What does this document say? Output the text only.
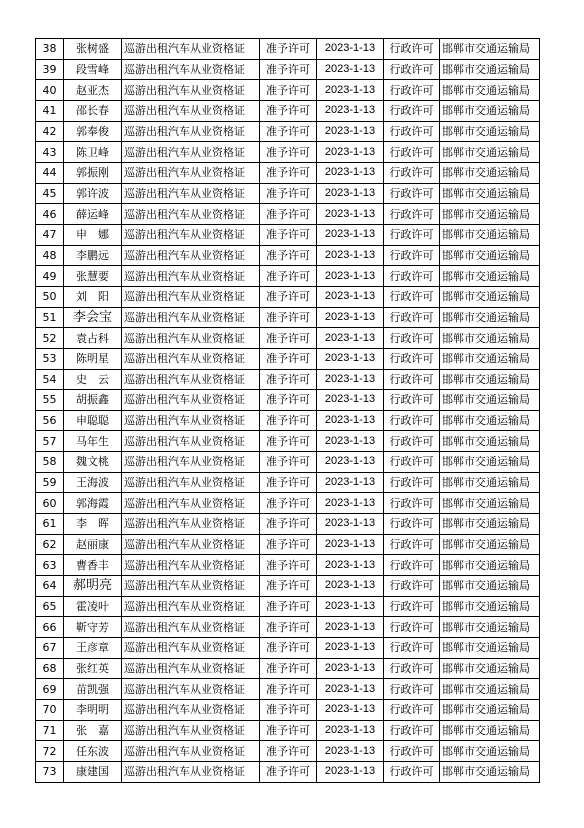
38	张树盛	巡游出租汽车从业资格证	准予许可	2023-1-13	行政许可	邯郸市交通运输局
39	段雪峰	巡游出租汽车从业资格证	准予许可	2023-1-13	行政许可	邯郸市交通运输局
40	赵亚杰	巡游出租汽车从业资格证	准予许可	2023-1-13	行政许可	邯郸市交通运输局
41	邵长春	巡游出租汽车从业资格证	准予许可	2023-1-13	行政许可	邯郸市交通运输局
42	郭奉俊	巡游出租汽车从业资格证	准予许可	2023-1-13	行政许可	邯郸市交通运输局
43	陈卫峰	巡游出租汽车从业资格证	准予许可	2023-1-13	行政许可	邯郸市交通运输局
44	郭振刚	巡游出租汽车从业资格证	准予许可	2023-1-13	行政许可	邯郸市交通运输局
45	郭许波	巡游出租汽车从业资格证	准予许可	2023-1-13	行政许可	邯郸市交通运输局
46	薛运峰	巡游出租汽车从业资格证	准予许可	2023-1-13	行政许可	邯郸市交通运输局
47	申　娜	巡游出租汽车从业资格证	准予许可	2023-1-13	行政许可	邯郸市交通运输局
48	李鹏远	巡游出租汽车从业资格证	准予许可	2023-1-13	行政许可	邯郸市交通运输局
49	张慧要	巡游出租汽车从业资格证	准予许可	2023-1-13	行政许可	邯郸市交通运输局
50	刘　阳	巡游出租汽车从业资格证	准予许可	2023-1-13	行政许可	邯郸市交通运输局
51	李会宝	巡游出租汽车从业资格证	准予许可	2023-1-13	行政许可	邯郸市交通运输局
52	袁占科	巡游出租汽车从业资格证	准予许可	2023-1-13	行政许可	邯郸市交通运输局
53	陈明星	巡游出租汽车从业资格证	准予许可	2023-1-13	行政许可	邯郸市交通运输局
54	史　云	巡游出租汽车从业资格证	准予许可	2023-1-13	行政许可	邯郸市交通运输局
55	胡振鑫	巡游出租汽车从业资格证	准予许可	2023-1-13	行政许可	邯郸市交通运输局
56	申聪聪	巡游出租汽车从业资格证	准予许可	2023-1-13	行政许可	邯郸市交通运输局
57	马年生	巡游出租汽车从业资格证	准予许可	2023-1-13	行政许可	邯郸市交通运输局
58	魏文桃	巡游出租汽车从业资格证	准予许可	2023-1-13	行政许可	邯郸市交通运输局
59	王海波	巡游出租汽车从业资格证	准予许可	2023-1-13	行政许可	邯郸市交通运输局
60	郭海霞	巡游出租汽车从业资格证	准予许可	2023-1-13	行政许可	邯郸市交通运输局
61	李　晖	巡游出租汽车从业资格证	准予许可	2023-1-13	行政许可	邯郸市交通运输局
62	赵丽康	巡游出租汽车从业资格证	准予许可	2023-1-13	行政许可	邯郸市交通运输局
63	曹香丰	巡游出租汽车从业资格证	准予许可	2023-1-13	行政许可	邯郸市交通运输局
64	郝明亮	巡游出租汽车从业资格证	准予许可	2023-1-13	行政许可	邯郸市交通运输局
65	霍凌叶	巡游出租汽车从业资格证	准予许可	2023-1-13	行政许可	邯郸市交通运输局
66	靳守芳	巡游出租汽车从业资格证	准予许可	2023-1-13	行政许可	邯郸市交通运输局
67	王彦章	巡游出租汽车从业资格证	准予许可	2023-1-13	行政许可	邯郸市交通运输局
68	张红英	巡游出租汽车从业资格证	准予许可	2023-1-13	行政许可	邯郸市交通运输局
69	苗凯强	巡游出租汽车从业资格证	准予许可	2023-1-13	行政许可	邯郸市交通运输局
70	李明明	巡游出租汽车从业资格证	准予许可	2023-1-13	行政许可	邯郸市交通运输局
71	张　嘉	巡游出租汽车从业资格证	准予许可	2023-1-13	行政许可	邯郸市交通运输局
72	任东波	巡游出租汽车从业资格证	准予许可	2023-1-13	行政许可	邯郸市交通运输局
73	康建国	巡游出租汽车从业资格证	准予许可	2023-1-13	行政许可	邯郸市交通运输局
